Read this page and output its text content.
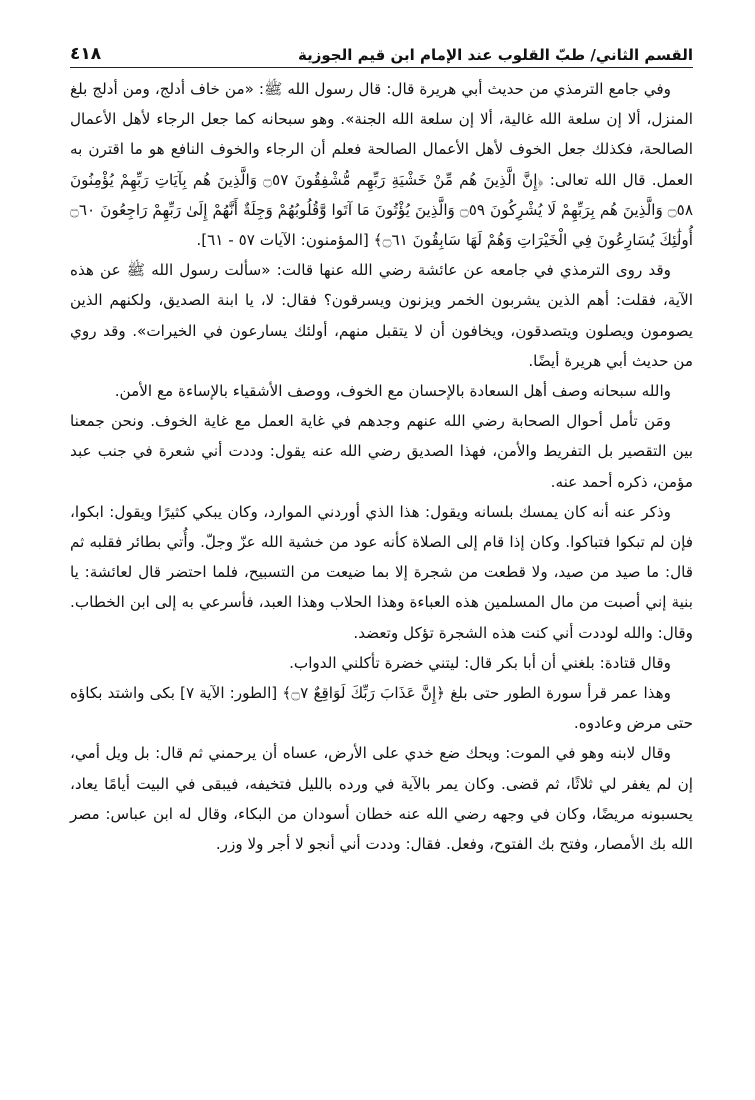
القسم الثاني/ طبّ القلوب عند الإمام ابن قيم الجوزية
٤١٨

وفي جامع الترمذي من حديث أبي هريرة قال: قال رسول الله ﷺ: «من خاف أدلج، ومن أدلج بلغ المنزل، ألا إن سلعة الله غالية، ألا إن سلعة الله الجنة». وهو سبحانه كما جعل الرجاء لأهل الأعمال الصالحة، فكذلك جعل الخوف لأهل الأعمال الصالحة فعلم أن الرجاء والخوف النافع هو ما اقترن به العمل. قال الله تعالى: ﴿إِنَّ الَّذِينَ هُم مِّنْ خَشْيَةِ رَبِّهِم مُّشْفِقُونَ ۝٥٧ وَالَّذِينَ هُم بِآيَاتِ رَبِّهِمْ يُؤْمِنُونَ ۝٥٨ وَالَّذِينَ هُم بِرَبِّهِمْ لَا يُشْرِكُونَ ۝٥٩ وَالَّذِينَ يُؤْتُونَ مَا آتَوا وَّقُلُوبُهُمْ وَجِلَةٌ أَنَّهُمْ إِلَىٰ رَبِّهِمْ رَاجِعُونَ ۝٦٠ أُولَٰئِكَ يُسَارِعُونَ فِي الْخَيْرَاتِ وَهُمْ لَهَا سَابِقُونَ ۝٦١﴾ [المؤمنون: الآيات ٥٧ - ٦١].

وقد روى الترمذي في جامعه عن عائشة رضي الله عنها قالت: «سألت رسول الله ﷺ عن هذه الآية، فقلت: أهم الذين يشربون الخمر ويزنون ويسرقون؟ فقال: لا، يا ابنة الصديق، ولكنهم الذين يصومون ويصلون ويتصدقون، ويخافون أن لا يتقبل منهم، أولئك يسارعون في الخيرات». وقد روي من حديث أبي هريرة أيضًا.

والله سبحانه وصف أهل السعادة بالإحسان مع الخوف، ووصف الأشقياء بالإساءة مع الأمن.

ومَن تأمل أحوال الصحابة رضي الله عنهم وجدهم في غاية العمل مع غاية الخوف. ونحن جمعنا بين التقصير بل التفريط والأمن، فهذا الصديق رضي الله عنه يقول: وددت أني شعرة في جنب عبد مؤمن، ذكره أحمد عنه.

وذكر عنه أنه كان يمسك بلسانه ويقول: هذا الذي أوردني الموارد، وكان يبكي كثيرًا ويقول: ابكوا، فإن لم تبكوا فتباكوا. وكان إذا قام إلى الصلاة كأنه عود من خشية الله عزّ وجلّ. وأُتي بطائر فقلبه ثم قال: ما صيد من صيد، ولا قطعت من شجرة إلا بما ضيعت من التسبيح، فلما احتضر قال لعائشة: يا بنية إني أصبت من مال المسلمين هذه العباءة وهذا الحلاب وهذا العبد، فأسرعي به إلى ابن الخطاب. وقال: والله لوددت أني كنت هذه الشجرة تؤكل وتعضد.

وقال قتادة: بلغني أن أبا بكر قال: ليتني خضرة تأكلني الدواب.

وهذا عمر قرأ سورة الطور حتى بلغ ﴿إِنَّ عَذَابَ رَبِّكَ لَوَاقِعٌ ۝٧﴾ [الطور: الآية ٧] بكى واشتد بكاؤه حتى مرض وعادوه.

وقال لابنه وهو في الموت: ويحك ضع خدي على الأرض، عساه أن يرحمني ثم قال: بل ويل أمي، إن لم يغفر لي ثلاثًا، ثم قضى. وكان يمر بالآية في ورده بالليل فتخيفه، فيبقى في البيت أيامًا يعاد، يحسبونه مريضًا، وكان في وجهه رضي الله عنه خطان أسودان من البكاء، وقال له ابن عباس: مصر الله بك الأمصار، وفتح بك الفتوح، وفعل. فقال: وددت أني أنجو لا أجر ولا وزر.
